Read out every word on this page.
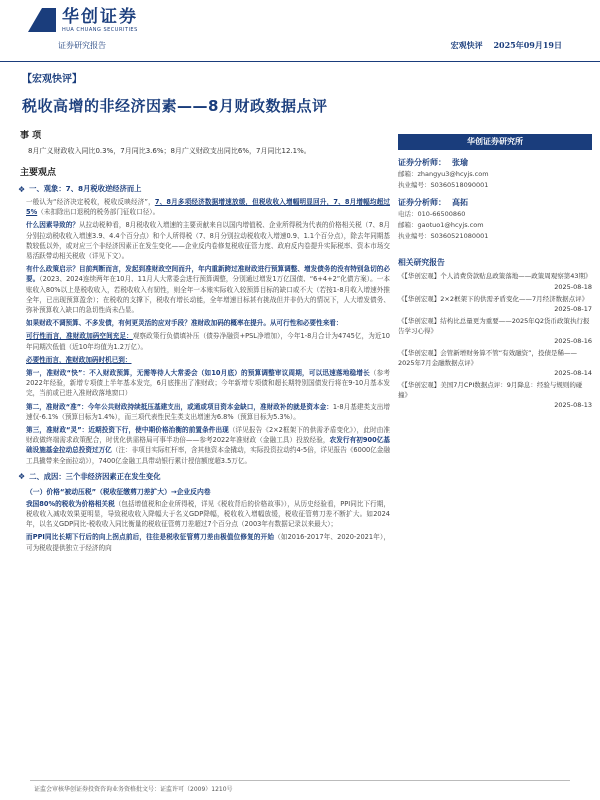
华创证券
HUA CHUANG SECURITIES
证券研究报告	宏观快评 2025年09月19日
【宏观快评】
税收高增的非经济因素——8月财政数据点评
事 项
8月广义财政收入同比0.3%，7月同比3.6%；8月广义财政支出同比6%，7月同比12.1%。
主要观点
❖ 一、观象：7、8月税收逆经济而上

一般认为“经济决定税收，税收反映经济”，7、8月多项经济数据增速放缓，但税收收入增幅明显回升，7、8月增幅均超过5%（未扣除出口退税的税务部门征收口径）。

什么因素导致的？从拉动税种看，8月税收收入增速的主要贡献来自以国内增值税、企业所得税为代表的价格相关税（7、8月分别拉动税收收入增速3.9、4.4个百分点）和个人所得税（7、8月分别拉动税收收入增速0.9、1.1个百分点），除去年同期基数较低以外，或对应三个非经济因素正在发生变化——企业反内卷修复税收征管力度、政府反内卷提升实际税率、资本市场交易活跃带动相关税收（详见下文）。

有什么政策启示？目前判断而言，发起到准财政空间而升，年内重新跨过准财政进行预算调整、增发债务的没有特别急切的必要。（2023、2024连续两年在10月、11月人大常委会进行预算调整，分别通过增发1万亿国债、“6+4+2”化债方案）。一本账收入80%以上是税收收入，若税收收入有韧性，则全年一本账实际收入较预算目标的缺口或不大（若按1-8月收入增速外推全年，已出现预算盈余）；在税收的支撑下，税收有增长动能，全年增速目标甚有挑战但并非仍大的情况下，人大增发债务、弥补预算收入缺口的急切性尚未凸显。

如果财政不调预算、不多发债，有何更灵活的应对手段？准财政加码的概率在提升。从可行性和必要性来看：

可行性而言，准财政加码空间充足：观察政策行负债填补压（债券净融资+PSL净增加），今年1-8月合计为4745亿，为近10年同期次低值（近10年均值为1.2万亿）。

必要性而言，准财政加码时机已到：

第一，准财政“快”：不入财政预算，无需等待人大常委会（如10月底）的预算调整审议周期，可以迅速落地稳增长（参考2022年经验，新增专项债上半年基本发完，6月底推出了准财政；今年新增专项债和超长期特别国债发行将在9-10月基本发完，当前或已进入准财政落地窗口）

第二，准财政“准”：今年公共财政持续抵压基建支出，或通或项目资本金缺口，准财政补的就是资本金：1-8月基建类支出增速仅-6.1%（预算目标为1.4%），而三项代表性民生类支出增速为6.8%（预算目标为5.3%）。

第三，准财政“灵”：近期投资下行，使中期价格治衡的前置条件出现（详见报告《2×2框架下的供需矛盾变化》），此时由准财政做终端需求政策配合，时优化供需格局可事半功倍——参考2022年准财政（金融工具）投放经验，农发行有初900亿基础设施基金拉动总投资过万亿（注：非项目实际杠杆率，含其他资本金撬动，实际投资拉动约4-5倍，详见报告《6000亿金融工具撬带来全面拉动》），7400亿金融工具带动银行累计授信额度超3.5万亿。

❖ 二、成因：三个非经济因素正在发生变化
（一）价格“被动压税”（税收征缴剪刀差扩大）→企业反内卷

我国80%的税收为价格相关税（包括增值税和企业所得税，详见《税收背后的价格故事》），从历史经验看，PPI同比下行期，税收收入减收效果更明显，导致税收收入降幅大于名义GDP降幅，税收收入增幅放缓，税收征管剪刀差不断扩大。如2024年，以名义GDP同比-税收收入同比衡量的税收征管剪刀差超过7个百分点（2003年有数据记录以来最大）；

而PPI同比长期下行后的向上拐点前后，往往是税收征管剪刀差由极值位修复的开始（如2016-2017年、2020-2021年），可为税收提供独立于经济的向

华创证券研究所
证券分析师： 张瑜
邮箱：zhangyu3@hcyjs.com
执业编号：S0360518090001
证券分析师： 高拓
电话：010-66500860
邮箱：gaotuo1@hcyjs.com
执业编号：S0360521080001
相关研究报告
《【华创宏观】个人消费贷款贴息政策落地——政策周观察第43期》
2025-08-18
《【华创宏观】2×2框架下的供需矛盾变化——7月经济数据点评》
2025-08-17
《【华创宏观】结构比总量更为重要——2025年Q2货币政策执行报告学习心得》
2025-08-16
《【华创宏观】会管新增财务算不管“有效融资”，投债是稀——2025年7月金融数据点评》
2025-08-14
《【华创宏观】美国7月CPI数据点评：9月降息：经验与规则的碰撞》
2025-08-13
证监会审核华创证券投资咨询业务资格批文号：证监许可（2009）1210号
